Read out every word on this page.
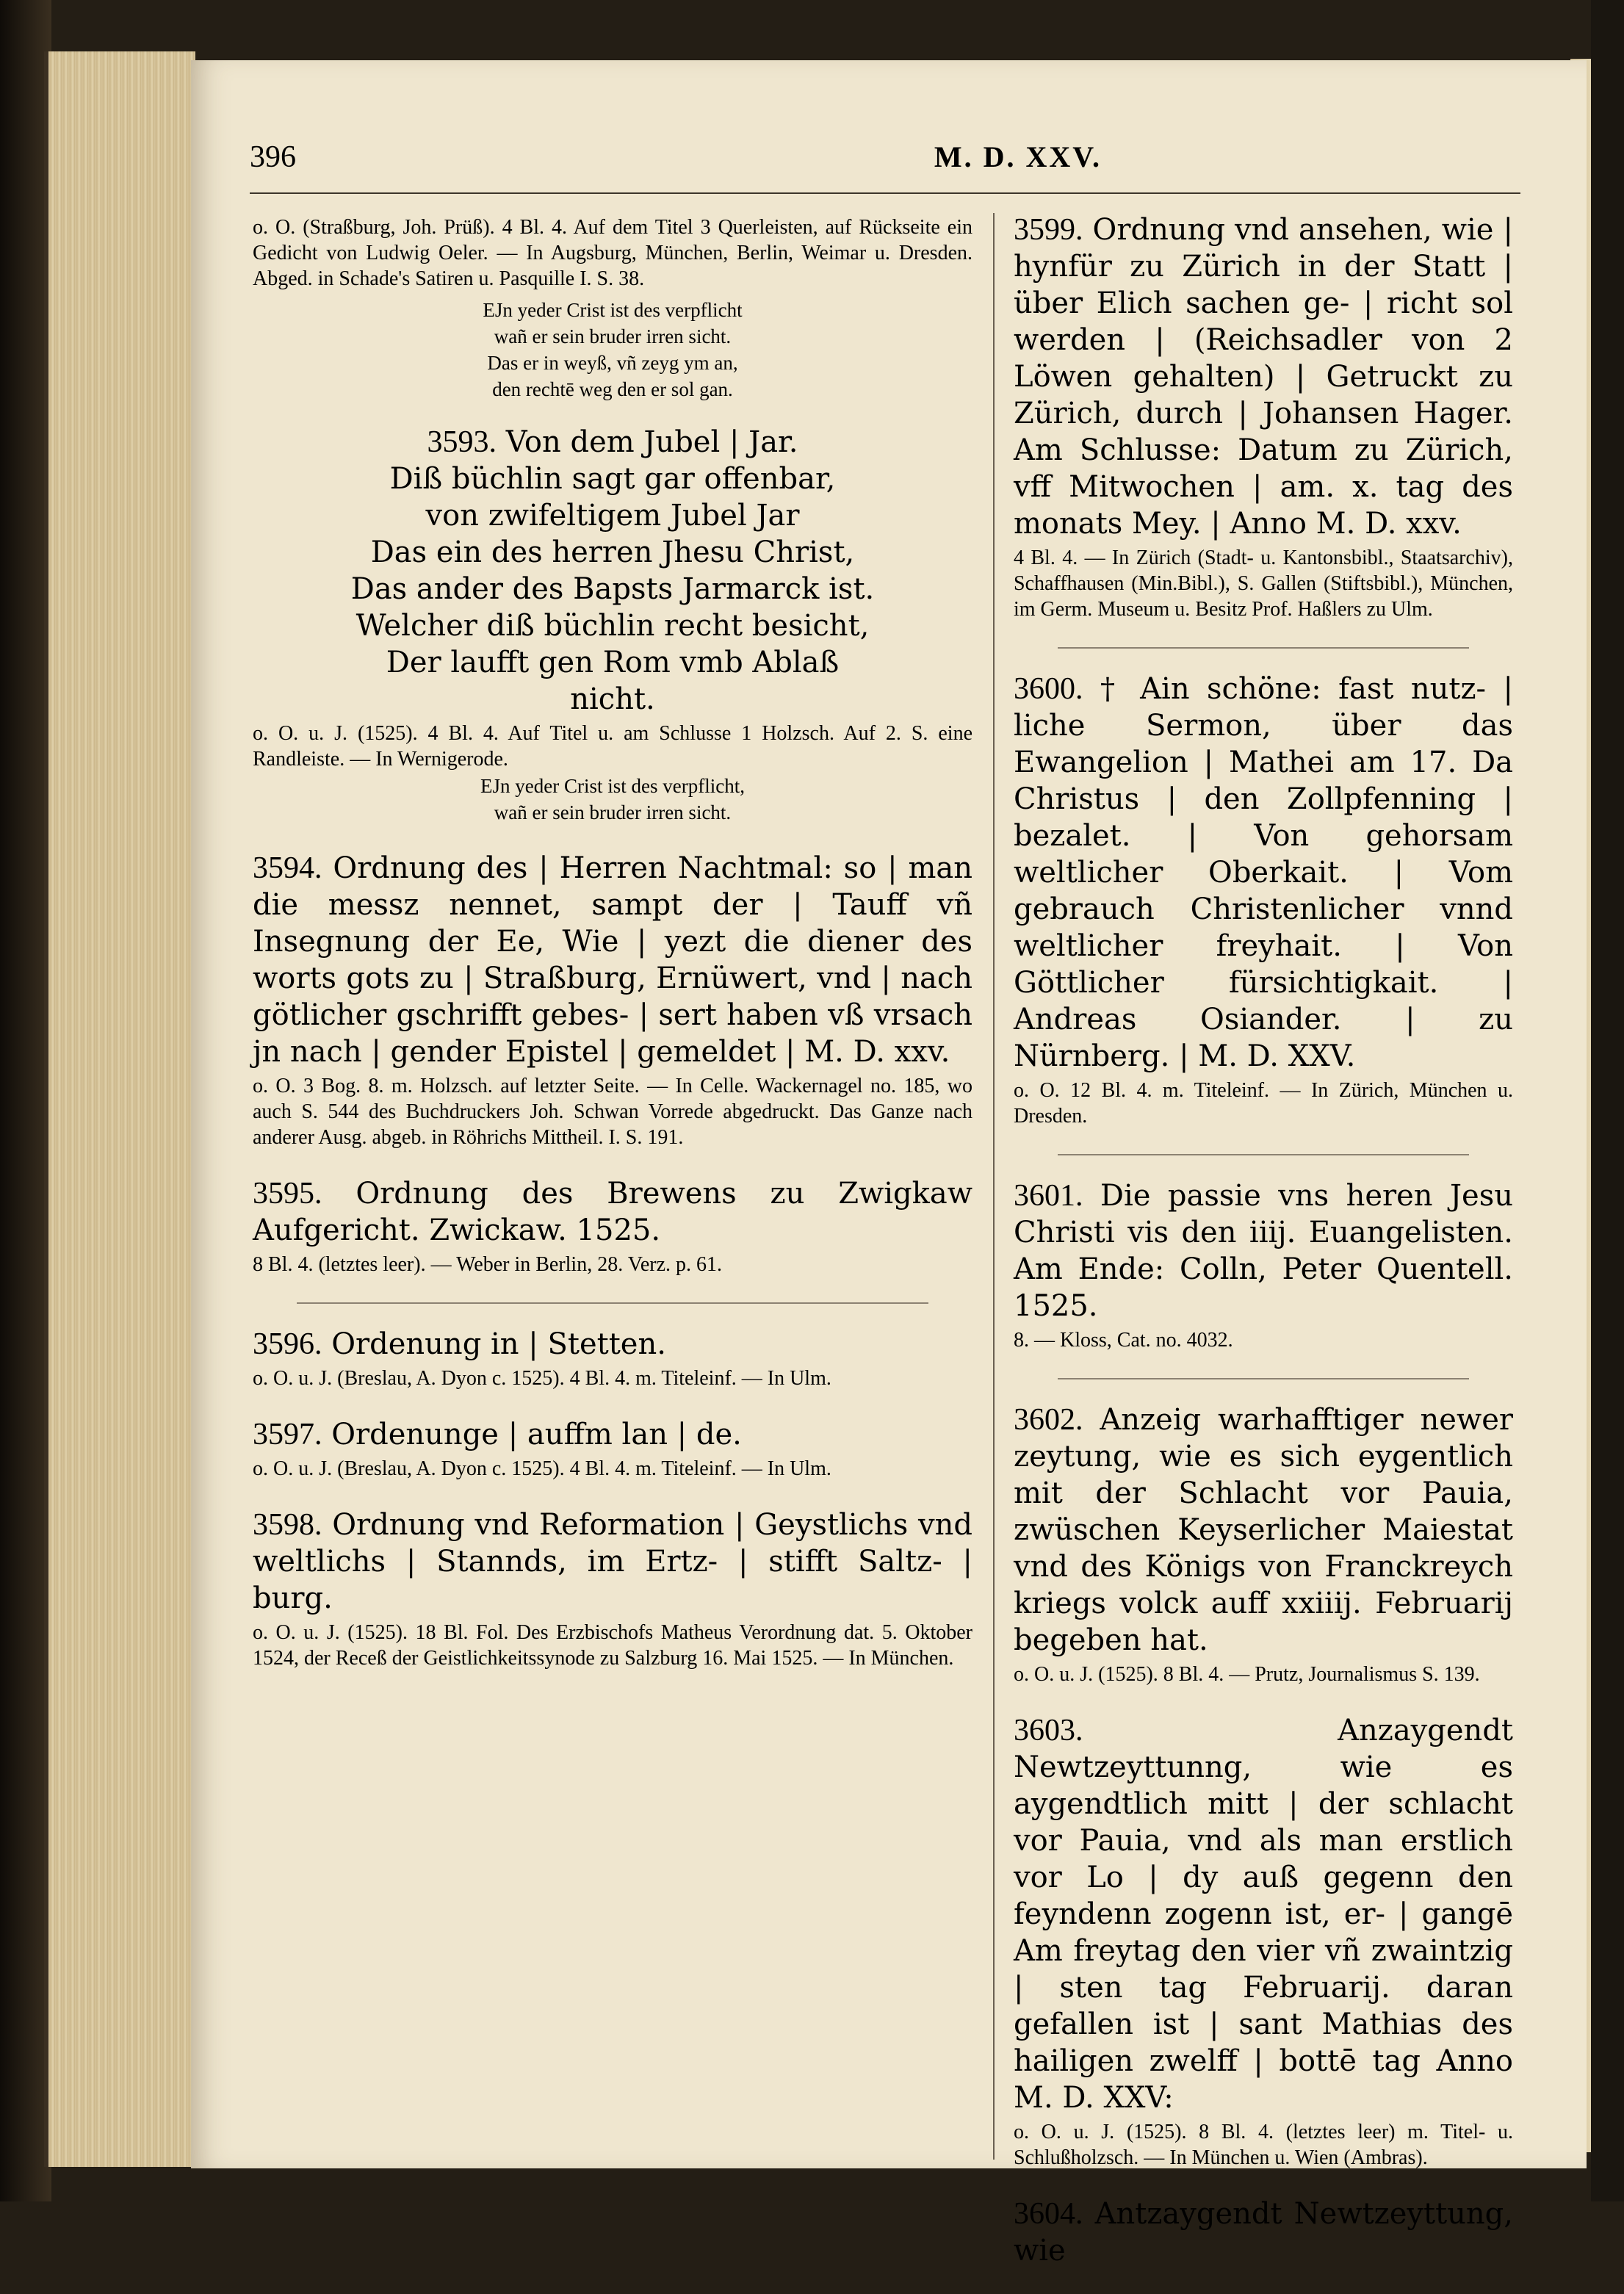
396	M. D. XXV.

o. O. (Straßburg, Joh. Prüß). 4 Bl. 4. Auf dem Titel 3 Querleisten, auf Rückseite ein Gedicht von Ludwig Oeler. — In Augsburg, München, Berlin, Weimar u. Dresden. Abged. in Schade's Satiren u. Pasquille I. S. 38.

EJn yeder Crist ist des verpflicht

wañ er sein bruder irren sicht.

Das er in weyß, vñ zeyg ym an,

den rechtē weg den er sol gan.

3593. Von dem Jubel | Jar.
Diß büchlin sagt gar offenbar,
von zwifeltigem Jubel Jar
Das ein des herren Jhesu Christ,
Das ander des Bapsts Jarmarck ist.
Welcher diß büchlin recht besicht,
Der laufft gen Rom vmb Ablaß
nicht.

o. O. u. J. (1525). 4 Bl. 4. Auf Titel u. am Schlusse 1 Holzsch. Auf 2. S. eine Randleiste. — In Wernigerode.

EJn yeder Crist ist des verpflicht,

wañ er sein bruder irren sicht.

3594. Ordnung des | Herren Nachtmal: so | man die messz nennet, sampt der | Tauff vñ Insegnung der Ee, Wie | yezt die diener des worts gots zu | Straßburg, Ernüwert, vnd | nach götlicher gschrifft gebes- | sert haben vß vrsach jn nach | gender Epistel | gemeldet | M. D. xxv.

o. O. 3 Bog. 8. m. Holzsch. auf letzter Seite. — In Celle. Wackernagel no. 185, wo auch S. 544 des Buchdruckers Joh. Schwan Vorrede abgedruckt. Das Ganze nach anderer Ausg. abgeb. in Röhrichs Mittheil. I. S. 191.

3595. Ordnung des Brewens zu Zwigkaw Aufgericht. Zwickaw. 1525.

8 Bl. 4. (letztes leer). — Weber in Berlin, 28. Verz. p. 61.

3596. Ordenung in | Stetten.

o. O. u. J. (Breslau, A. Dyon c. 1525). 4 Bl. 4. m. Titeleinf. — In Ulm.

3597. Ordenunge | auffm lan | de.

o. O. u. J. (Breslau, A. Dyon c. 1525). 4 Bl. 4. m. Titeleinf. — In Ulm.

3598. Ordnung vnd Reformation | Geystlichs vnd weltlichs | Stannds, im Ertz- | stifft Saltz- | burg.

o. O. u. J. (1525). 18 Bl. Fol. Des Erzbischofs Matheus Verordnung dat. 5. Oktober 1524, der Receß der Geistlichkeitssynode zu Salzburg 16. Mai 1525. — In München.

3599. Ordnung vnd ansehen, wie | hynfür zu Zürich in der Statt | über Elich sachen ge- | richt sol werden | (Reichsadler von 2 Löwen gehalten) | Getruckt zu Zürich, durch | Johansen Hager. Am Schlusse: Datum zu Zürich, vff Mitwochen | am. x. tag des monats Mey. | Anno M. D. xxv.

4 Bl. 4. — In Zürich (Stadt- u. Kantonsbibl., Staatsarchiv), Schaffhausen (Min.Bibl.), S. Gallen (Stiftsbibl.), München, im Germ. Museum u. Besitz Prof. Haßlers zu Ulm.

3600. † Ain schöne: fast nutz- | liche Sermon, über das Ewangelion | Mathei am 17. Da Christus | den Zollpfenning | bezalet. | Von gehorsam weltlicher Oberkait. | Vom gebrauch Christenlicher vnnd weltlicher freyhait. | Von Göttlicher fürsichtigkait. | Andreas Osiander. | zu Nürnberg. | M. D. XXV.

o. O. 12 Bl. 4. m. Titeleinf. — In Zürich, München u. Dresden.

3601. Die passie vns heren Jesu Christi vis den iiij. Euangelisten. Am Ende: Colln, Peter Quentell. 1525.

8. — Kloss, Cat. no. 4032.

3602. Anzeig warhafftiger newer zeytung, wie es sich eygentlich mit der Schlacht vor Pauia, zwüschen Keyserlicher Maiestat vnd des Königs von Franckreych kriegs volck auff xxiiij. Februarij begeben hat.

o. O. u. J. (1525). 8 Bl. 4. — Prutz, Journalismus S. 139.

3603.	Anzaygendt Newtzeyttunng, wie es aygendtlich mitt | der schlacht vor Pauia, vnd als man erstlich vor Lo | dy auß gegenn den feyndenn zogenn ist, er- | gangē Am freytag den vier vñ zwaintzig | sten tag Februarij. daran gefallen ist | sant Mathias des hailigen zwelff | bottē tag Anno M. D. XXV:

o. O. u. J. (1525). 8 Bl. 4. (letztes leer) m. Titel- u. Schlußholzsch. — In München u. Wien (Ambras).

3604. Antzaygendt Newtzeyttung, wie
